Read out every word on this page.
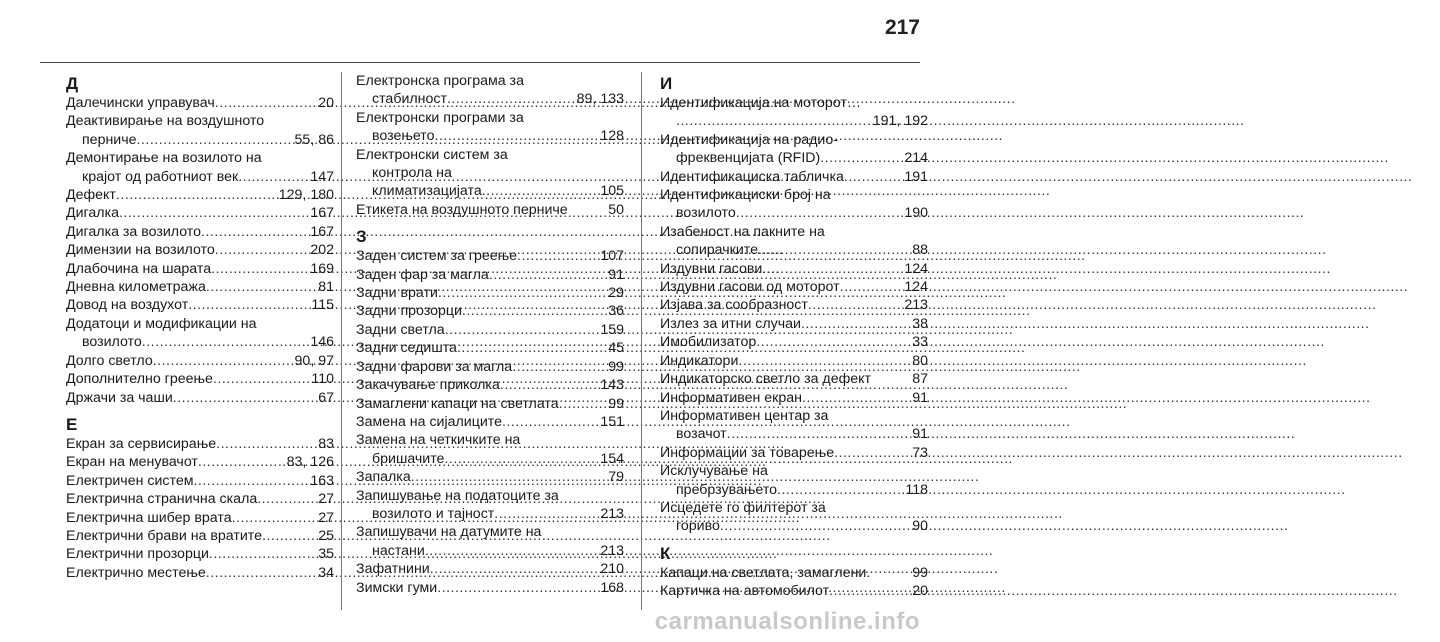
217
Д
Далечински управувач .....	20
Деактивирање на воздушното
перниче .....	55, 86
Демонтирање на возилото на
крајот од работниот век .....	147
Дефект .....	129, 180
Дигалка .....	167
Дигалка за возилото .....	167
Димензии на возилото .....	202
Длабочина на шарата .....	169
Дневна километража .....	81
Довод на воздухот .....	115
Додатоци и модификации на
возилото .....	146
Долго светло .....	90, 97
Дополнително греење .....	110
Држачи за чаши .....	67
Е
Екран за сервисирање .....	83
Екран на менувачот .....	83, 126
Електричен систем .....	163
Електрична странична скала .....	27
Електрична шибер врата .....	27
Електрични брави на вратите .....	25
Електрични прозорци .....	35
Електрично местење .....	34
Електронска програма за
стабилност .....	89, 133
Електронски програми за
возењето .....	128
Електронски систем за
контрола на
климатизацијата .....	105
Етикета на воздушното перниче	50
З
Заден систем за греење .....	107
Заден фар за магла .....	91
Задни врати .....	29
Задни прозорци .....	36
Задни светла .....	159
Задни седишта .....	45
Задни фарови за магла .....	99
Закачување приколка .....	143
Замаглени капаци на светлата .....	99
Замена на сијалиците .....	151
Замена на четкичките на
бришачите .....	154
Запалка .....	79
Запишување на податоците за
возилото и тајност .....	213
Запишувачи на датумите на
настани .....	213
Зафатнини .....	210
Зимски гуми .....	168
И
Идентификација на моторот…
.....
191, 192
Идентификација на радио-
фреквенцијата (RFID) .....	214
Идентификациска табличка .....	191
Идентификациски број на
возилото .....	190
Изабеност на пакните на
сопирачките .....	88
Издувни гасови .....	124
Издувни гасови од моторот .....	124
Изјава за сообразност .....	213
Излез за итни случаи .....	38
Имобилизатор .....	33
Индикатори .....	80
Индикаторско светло за дефект	87
Информативен екран .....	91
Информативен центар за
возачот .....	91
Информации за товарење .....	73
Исклучување на
пребрзувањето .....	118
Исцедете го филтерот за
гориво .....	90
К
Капаци на светлата, замаглени.	99
Картичка на автомобилот .....	20
carmanualsonline.info
